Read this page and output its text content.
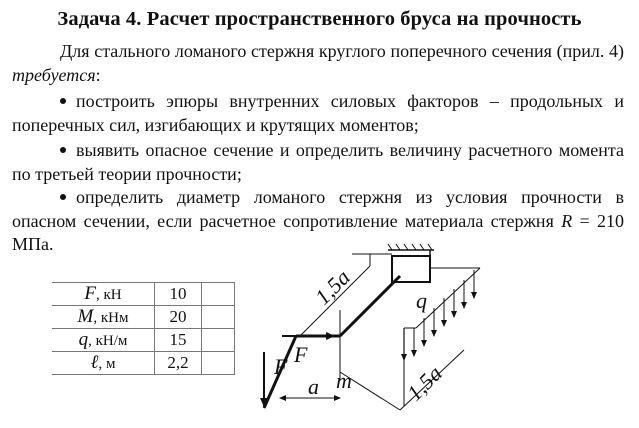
Задача 4. Расчет пространственного бруса на прочность
Для стального ломаного стержня круглого поперечного сечения (прил. 4) требуется:
построить эпюры внутренних силовых факторов – продольных и поперечных сил, изгибающих и крутящих моментов;
выявить опасное сечение и определить величину расчетного момента по третьей теории прочности;
определить диаметр ломаного стержня из условия прочности в опасном сечении, если расчетное сопротивление материала стержня R = 210 МПа.
F, кН	10	
M, кНм	20	
q, кН/м	15	
ℓ, м	2,2	
1,5a	q
F
F
a m 1,5a
